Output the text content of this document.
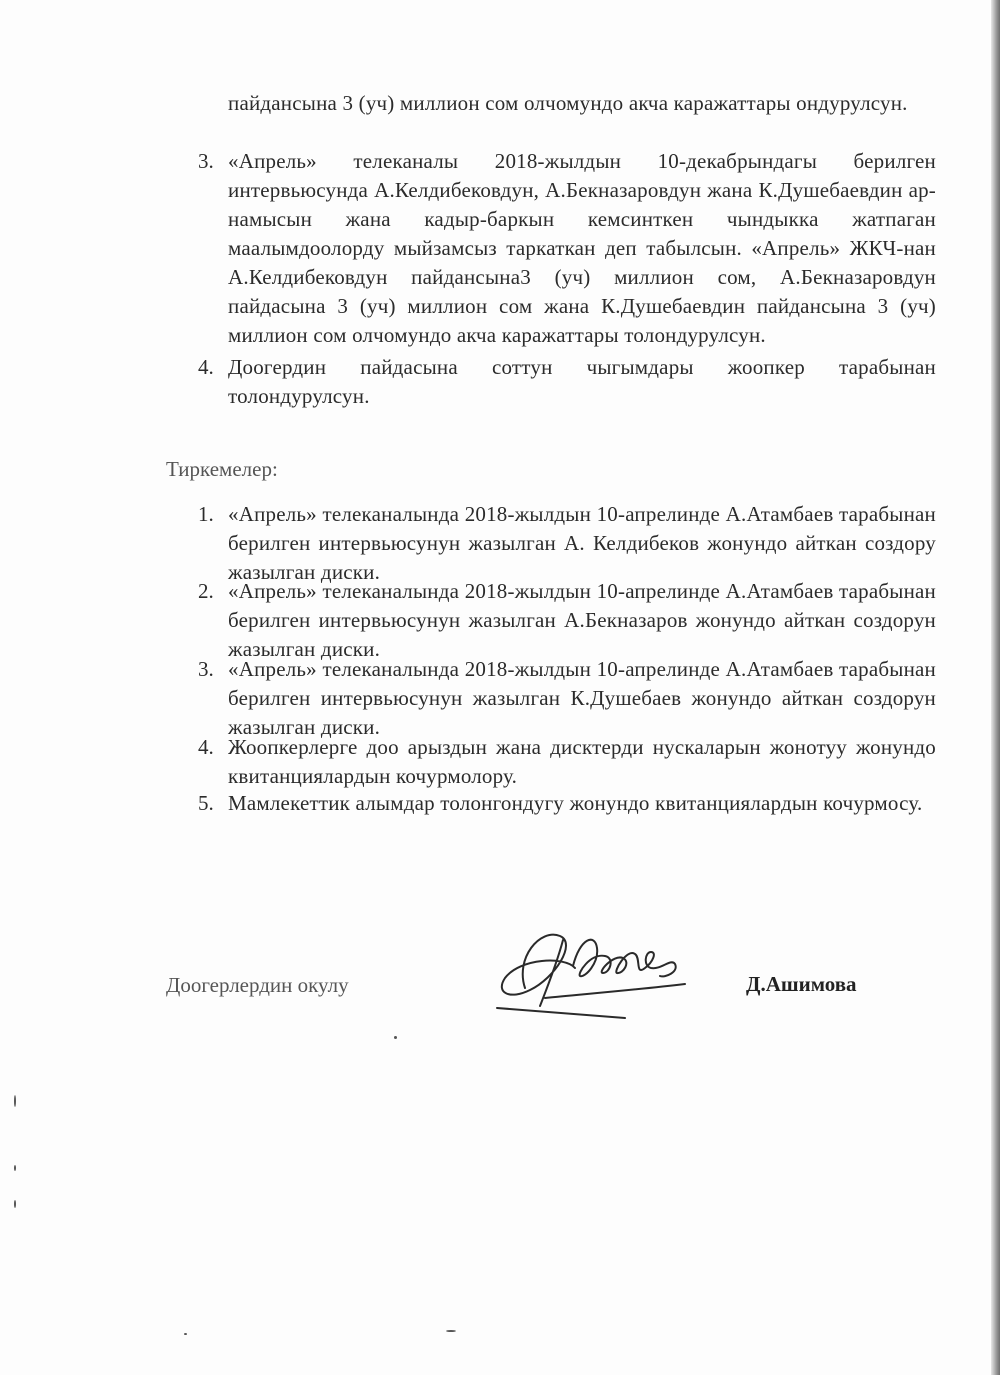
пайдансына 3 (уч) миллион сом олчомундо акча каражаттары ондурулсун.

3. «Апрель» телеканалы 2018-жылдын 10-декабрындагы берилген интервьюсунда А.Келдибековдун, А.Бекназаровдун жана К.Душебаевдин ар-намысын жана кадыр-баркын кемсинткен чындыкка жатпаган маалымдоолорду мыйзамсыз таркаткан деп табылсын. «Апрель» ЖКЧ-нан А.Келдибековдун пайдансына3 (уч) миллион сом, А.Бекназаровдун пайдасына 3 (уч) миллион сом жана К.Душебаевдин пайдансына 3 (уч) миллион сом олчомундо акча каражаттары толондурулсун.

4. Доогердин пайдасына соттун чыгымдары жоопкер тарабынан толондурулсун.

Тиркемелер:
1. «Апрель» телеканалында 2018-жылдын 10-апрелинде А.Атамбаев тарабынан берилген интервьюсунун жазылган А. Келдибеков жонундо айткан создору жазылган диски.

2. «Апрель» телеканалында 2018-жылдын 10-апрелинде А.Атамбаев тарабынан берилген интервьюсунун жазылган А.Бекназаров жонундо айткан создорун жазылган диски.

3. «Апрель» телеканалында 2018-жылдын 10-апрелинде А.Атамбаев тарабынан берилген интервьюсунун жазылган К.Душебаев жонундо айткан создорун жазылган диски.

4. Жоопкерлерге доо арыздын жана дисктерди нускаларын жонотуу жонундо квитанциялардын кочурмолору.

5. Мамлекеттик алымдар толонгондугу жонундо квитанциялардын кочурмосу.

Доогерлердин окулу	Д.Ашимова
